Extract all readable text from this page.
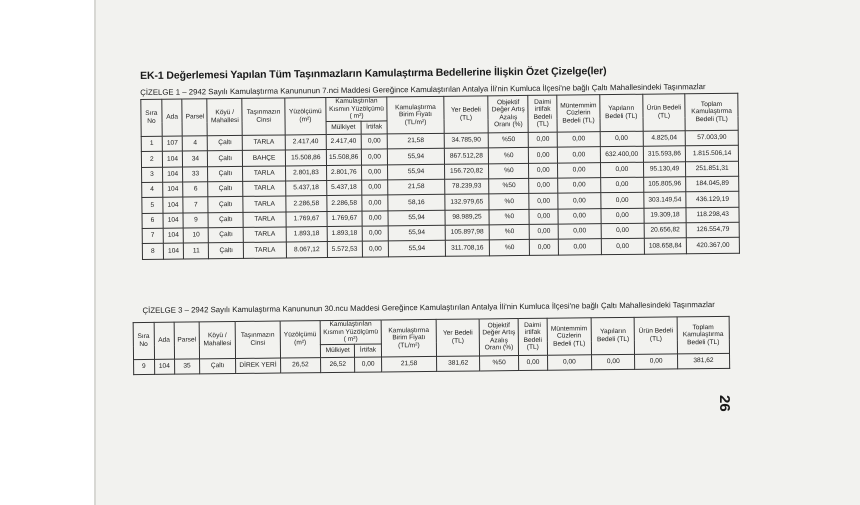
EK-1 Değerlemesi Yapılan Tüm Taşınmazların Kamulaştırma Bedellerine İlişkin Özet Çizelge(ler)
ÇİZELGE 1 – 2942 Sayılı Kamulaştırma Kanununun 7.nci Maddesi Gereğince Kamulaştırılan Antalya İli'nin Kumluca İlçesi'ne bağlı Çaltı Mahallesindeki Taşınmazlar
Sıra No	Ada	Parsel	Köyü / Mahallesi	Taşınmazın Cinsi	Yüzölçümü (m²)	Kamulaştırılan Kısmın Yüzölçümü ( m²)		Kamulaştırma Birim Fiyatı (TL/m²)	Yer Bedeli (TL)	Objektif Değer Artış Azalış Oranı (%)	Daimi irtifak Bedeli (TL)	Müntemmim Cüzlerin Bedeli (TL)	Yapıların Bedeli (TL)	Ürün Bedeli (TL)	Toplam Kamulaştırma Bedeli (TL)
						Mülkiyet	İrtifak								
1	107	4	Çaltı	TARLA	2.417,40	2.417,40	0,00	21,58	34.785,90	%50	0,00	0,00	0,00	4.825,04	57.003,90
2	104	34	Çaltı	BAHÇE	15.508,86	15.508,86	0,00	55,94	867.512,28	%0	0,00	0,00	632.400,00	315.593,86	1.815.506,14
3	104	33	Çaltı	TARLA	2.801,83	2.801,76	0,00	55,94	156.720,82	%0	0,00	0,00	0,00	95.130,49	251.851,31
4	104	6	Çaltı	TARLA	5.437,18	5.437,18	0,00	21,58	78.239,93	%50	0,00	0,00	0,00	105.805,96	184.045,89
5	104	7	Çaltı	TARLA	2.286,58	2.286,58	0,00	58,16	132.979,65	%0	0,00	0,00	0,00	303.149,54	436.129,19
6	104	9	Çaltı	TARLA	1.769,67	1.769,67	0,00	55,94	98.989,25	%0	0,00	0,00	0,00	19.309,18	118.298,43
7	104	10	Çaltı	TARLA	1.893,18	1.893,18	0,00	55,94	105.897,98	%0	0,00	0,00	0,00	20.656,82	126.554,79
8	104	11	Çaltı	TARLA	8.067,12	5.572,53	0,00	55,94	311.708,16	%0	0,00	0,00	0,00	108.658,84	420.367,00
ÇİZELGE 3 – 2942 Sayılı Kamulaştırma Kanununun 30.ncu Maddesi Gereğince Kamulaştırılan Antalya İli'nin Kumluca İlçesi'ne bağlı Çaltı Mahallesindeki Taşınmazlar
Sıra No	Ada	Parsel	Köyü / Mahallesi	Taşınmazın Cinsi	Yüzölçümü (m²)	Kamulaştırılan Kısmın Yüzölçümü ( m²)		Kamulaştırma Birim Fiyatı (TL/m²)	Yer Bedeli (TL)	Objektif Değer Artış Azalış Oranı (%)	Daimi irtifak Bedeli (TL)	Müntemmim Cüzlerin Bedeli (TL)	Yapıların Bedeli (TL)	Ürün Bedeli (TL)	Toplam Kamulaştırma Bedeli (TL)
						Mülkiyet	İrtifak								
9	104	35	Çaltı	DİREK YERİ	26,52	26,52	0,00	21,58	381,62	%50	0,00	0,00	0,00	0,00	381,62
26
